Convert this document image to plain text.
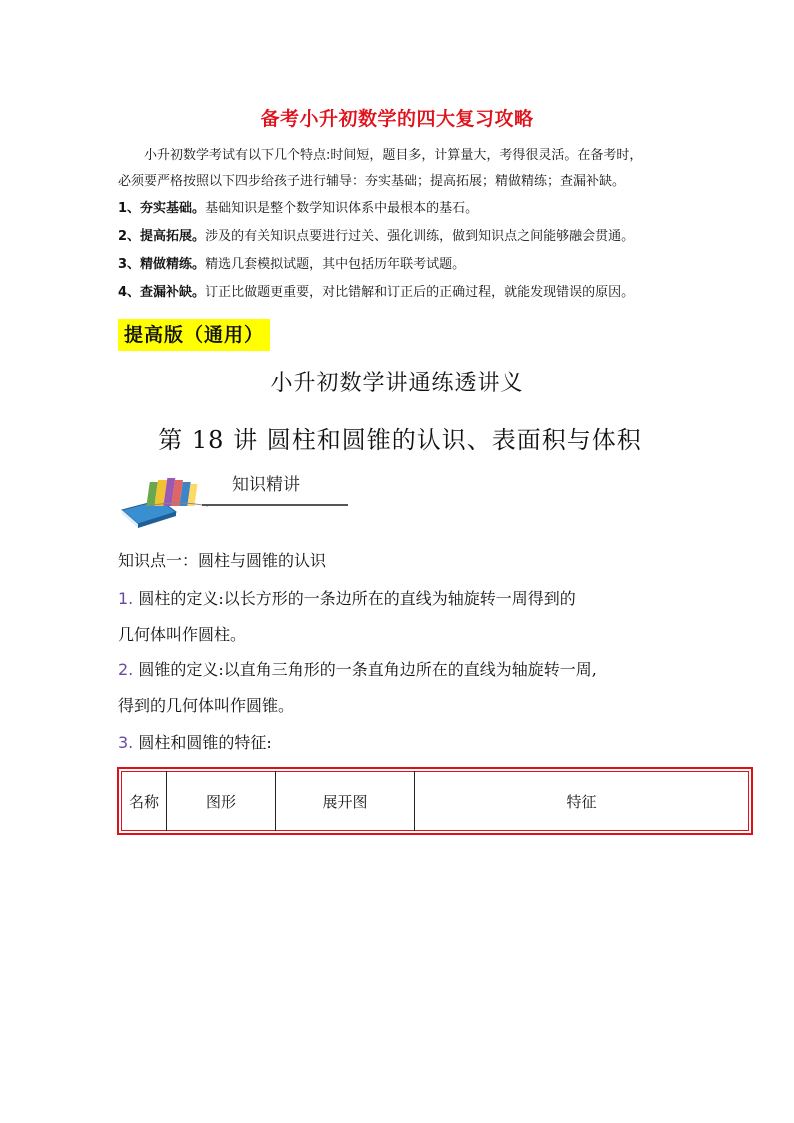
备考小升初数学的四大复习攻略
小升初数学考试有以下几个特点:时间短，题目多，计算量大，考得很灵活。在备考时，
必须要严格按照以下四步给孩子进行辅导：夯实基础；提高拓展；精做精练；查漏补缺。
1、夯实基础。基础知识是整个数学知识体系中最根本的基石。
2、提高拓展。涉及的有关知识点要进行过关、强化训练，做到知识点之间能够融会贯通。
3、精做精练。精选几套模拟试题，其中包括历年联考试题。
4、查漏补缺。订正比做题更重要，对比错解和订正后的正确过程，就能发现错误的原因。
提高版（通用）
小升初数学讲通练透讲义
第 18 讲 圆柱和圆锥的认识、表面积与体积
知识精讲
知识点一：圆柱与圆锥的认识
1. 圆柱的定义:以长方形的一条边所在的直线为轴旋转一周得到的
几何体叫作圆柱。
2. 圆锥的定义:以直角三角形的一条直角边所在的直线为轴旋转一周,
得到的几何体叫作圆锥。
3. 圆柱和圆锥的特征:
名称	图形	展开图	特征
